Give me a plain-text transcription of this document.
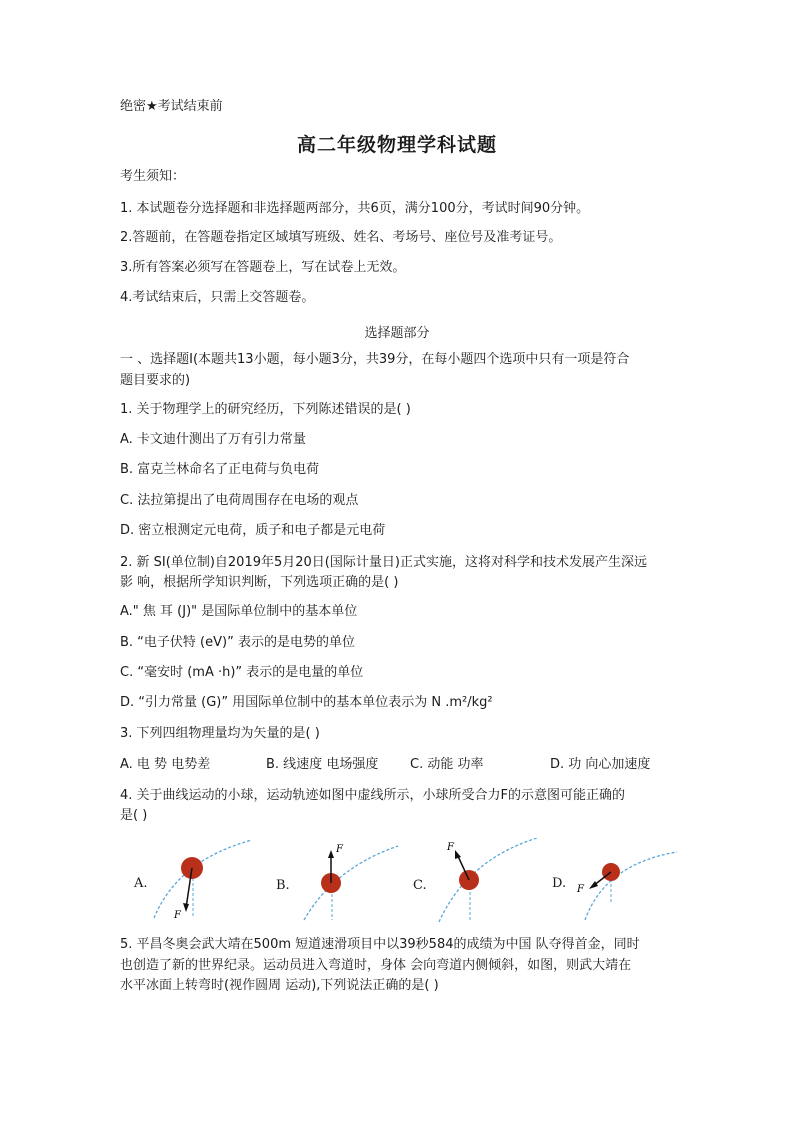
绝密★考试结束前
高二年级物理学科试题
考生须知：
1. 本试题卷分选择题和非选择题两部分，共6页，满分100分，考试时间90分钟。
2.答题前，在答题卷指定区域填写班级、姓名、考场号、座位号及准考证号。
3.所有答案必须写在答题卷上，写在试卷上无效。
4.考试结束后，只需上交答题卷。
选择题部分
一 、选择题I(本题共13小题，每小题3分，共39分，在每小题四个选项中只有一项是符合
题目要求的)
1. 关于物理学上的研究经历，下列陈述错误的是( )
A. 卡文迪什测出了万有引力常量
B. 富克兰林命名了正电荷与负电荷
C. 法拉第提出了电荷周围存在电场的观点
D. 密立根测定元电荷，质子和电子都是元电荷
2. 新 SI(单位制)自2019年5月20日(国际计量日)正式实施，这将对科学和技术发展产生深远
影 响，根据所学知识判断，下列选项正确的是( )
A." 焦 耳 (J)" 是国际单位制中的基本单位
B. “电子伏特 (eV)” 表示的是电势的单位
C. “毫安时 (mA ·h)” 表示的是电量的单位
D. “引力常量 (G)” 用国际单位制中的基本单位表示为 N .m²/kg²
3. 下列四组物理量均为矢量的是( )
A. 电 势 电势差	B. 线速度 电场强度 C. 动能 功率	D. 功 向心加速度
4. 关于曲线运动的小球，运动轨迹如图中虚线所示，小球所受合力F的示意图可能正确的
是( )
A.
F
B.
F
C.
F
D. F
5. 平昌冬奥会武大靖在500m 短道速滑项目中以39秒584的成绩为中国 队夺得首金，同时
也创造了新的世界纪录。运动员进入弯道时，身体 会向弯道内侧倾斜，如图，则武大靖在
水平冰面上转弯时(视作圆周 运动),下列说法正确的是( )
